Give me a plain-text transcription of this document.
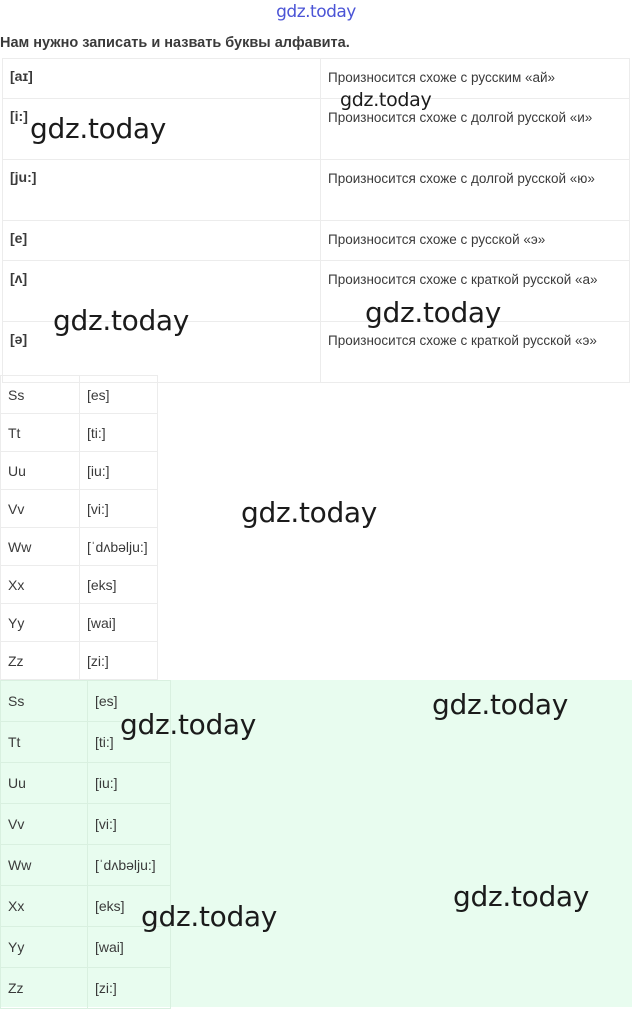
gdz.today
Нам нужно записать и назвать буквы алфавита.
[aɪ]	Произносится схоже с русским «ай»
[i:]	Произносится схоже с долгой русской «и»
[ju:]	Произносится схоже с долгой русской «ю»
[e]	Произносится схоже с русской «э»
[ʌ]	Произносится схоже с краткой русской «а»
[ə]	Произносится схоже с краткой русской «э»
Ss	[es]
Tt	[ti:]
Uu	[iu:]
Vv	[vi:]
Ww	[ˈdʌbəlju:]
Xx	[eks]
Yy	[wai]
Zz	[zi:]
Ss	[es]
Tt	[ti:]
Uu	[iu:]
Vv	[vi:]
Ww	[ˈdʌbəlju:]
Xx	[eks]
Yy	[wai]
Zz	[zi:]
gdz.today
gdz.today
gdz.today	gdz.today
gdz.today
gdz.today
gdz.today
gdz.today
gdz.today
